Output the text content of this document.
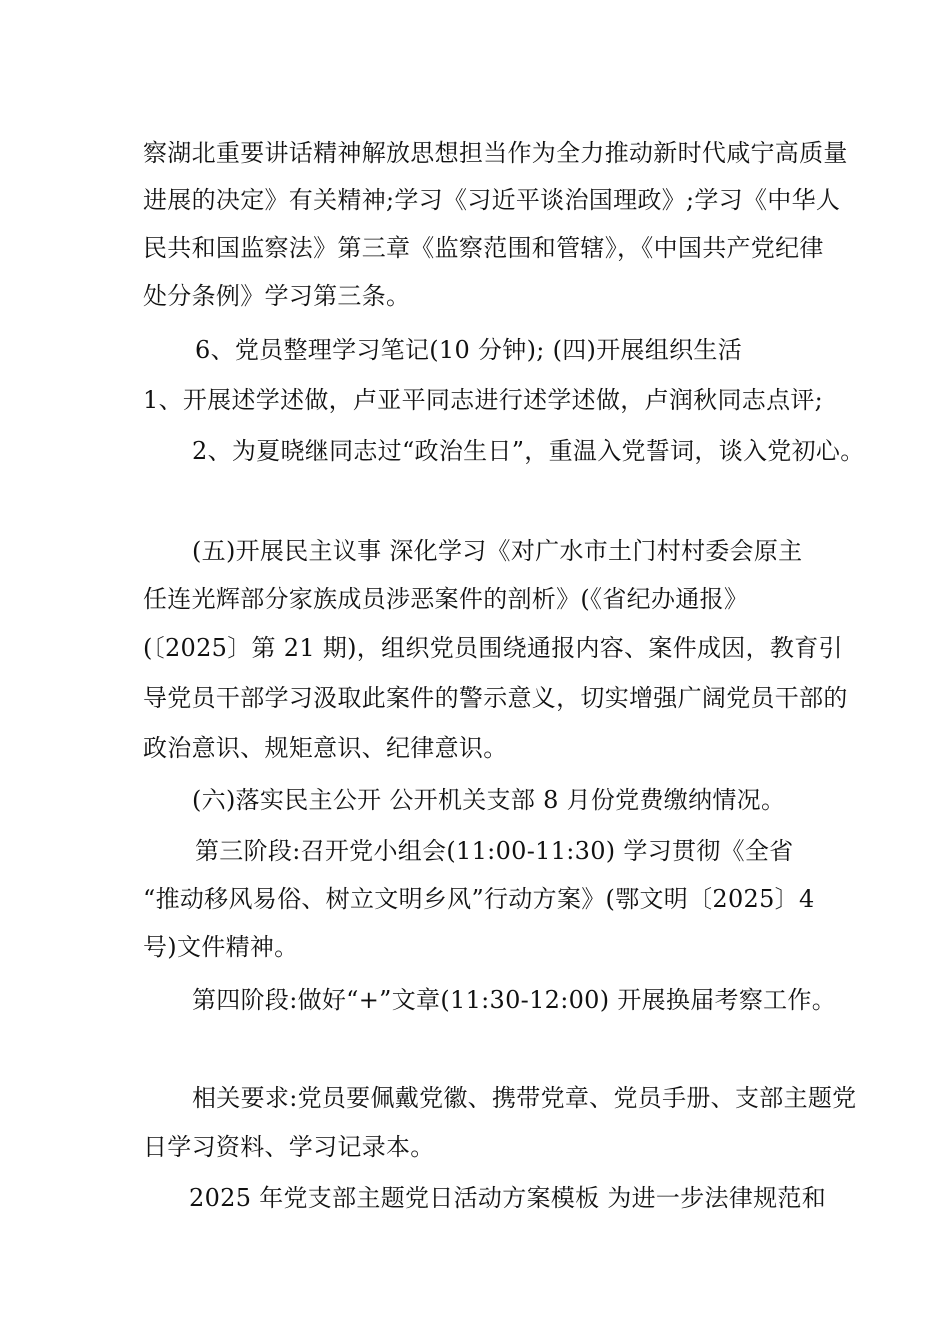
察湖北重要讲话精神解放思想担当作为全力推动新时代咸宁高质量
进展的决定》有关精神;学习《习近平谈治国理政》;学习《中华人
民共和国监察法》第三章《监察范围和管辖》，《中国共产党纪律
处分条例》学习第三条。
6、党员整理学习笔记(10 分钟); (四)开展组织生活
1、开展述学述做，卢亚平同志进行述学述做，卢润秋同志点评;
2、为夏晓继同志过“政治生日”，重温入党誓词，谈入党初心。
(五)开展民主议事 深化学习《对广水市土门村村委会原主
任连光辉部分家族成员涉恶案件的剖析》(《省纪办通报》
(〔2025〕第 21 期)，组织党员围绕通报内容、案件成因，教育引
导党员干部学习汲取此案件的警示意义，切实增强广阔党员干部的
政治意识、规矩意识、纪律意识。
(六)落实民主公开 公开机关支部 8 月份党费缴纳情况。
第三阶段:召开党小组会(11:00-11:30) 学习贯彻《全省
“推动移风易俗、树立文明乡风”行动方案》(鄂文明〔2025〕4
号)文件精神。
第四阶段:做好“+”文章(11:30-12:00) 开展换届考察工作。
相关要求:党员要佩戴党徽、携带党章、党员手册、支部主题党
日学习资料、学习记录本。
2025 年党支部主题党日活动方案模板 为进一步法律规范和
